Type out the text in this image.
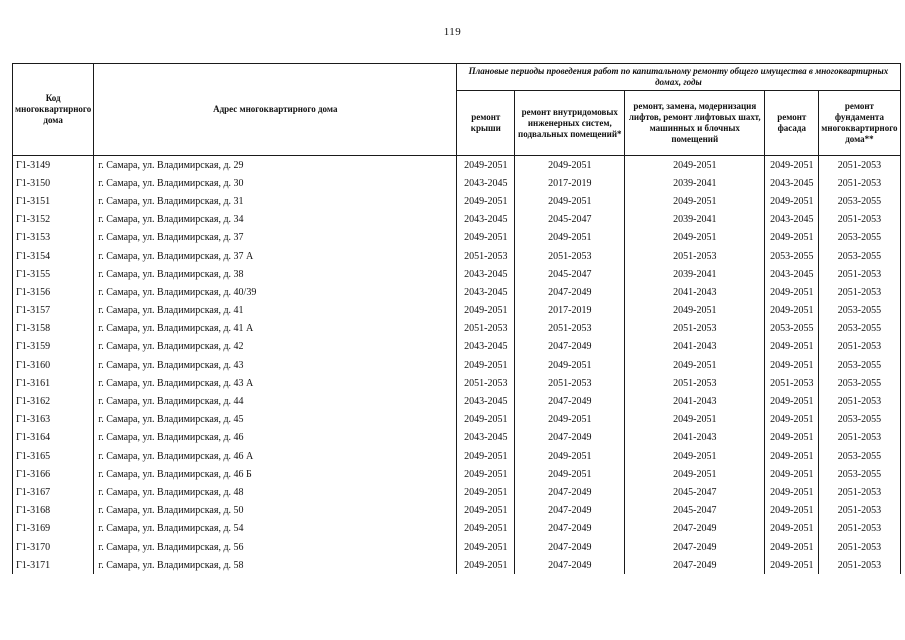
119
Код многоквартирного дома	Адрес многоквартирного дома	Плановые периоды проведения работ по капитальному ремонту общего имущества в многоквартирных домах, годы				
		ремонт крыши	ремонт внутридомовых инженерных систем, подвальных помещений*	ремонт, замена, модернизация лифтов, ремонт лифтовых шахт, машинных и блочных помещений	ремонт фасада	ремонт фундамента многоквартирного дома**
Г1-3149	г. Самара, ул. Владимирская, д. 29	2049-2051	2049-2051	2049-2051	2049-2051	2051-2053
Г1-3150	г. Самара, ул. Владимирская, д. 30	2043-2045	2017-2019	2039-2041	2043-2045	2051-2053
Г1-3151	г. Самара, ул. Владимирская, д. 31	2049-2051	2049-2051	2049-2051	2049-2051	2053-2055
Г1-3152	г. Самара, ул. Владимирская, д. 34	2043-2045	2045-2047	2039-2041	2043-2045	2051-2053
Г1-3153	г. Самара, ул. Владимирская, д. 37	2049-2051	2049-2051	2049-2051	2049-2051	2053-2055
Г1-3154	г. Самара, ул. Владимирская, д. 37 А	2051-2053	2051-2053	2051-2053	2053-2055	2053-2055
Г1-3155	г. Самара, ул. Владимирская, д. 38	2043-2045	2045-2047	2039-2041	2043-2045	2051-2053
Г1-3156	г. Самара, ул. Владимирская, д. 40/39	2043-2045	2047-2049	2041-2043	2049-2051	2051-2053
Г1-3157	г. Самара, ул. Владимирская, д. 41	2049-2051	2017-2019	2049-2051	2049-2051	2053-2055
Г1-3158	г. Самара, ул. Владимирская, д. 41 А	2051-2053	2051-2053	2051-2053	2053-2055	2053-2055
Г1-3159	г. Самара, ул. Владимирская, д. 42	2043-2045	2047-2049	2041-2043	2049-2051	2051-2053
Г1-3160	г. Самара, ул. Владимирская, д. 43	2049-2051	2049-2051	2049-2051	2049-2051	2053-2055
Г1-3161	г. Самара, ул. Владимирская, д. 43 А	2051-2053	2051-2053	2051-2053	2051-2053	2053-2055
Г1-3162	г. Самара, ул. Владимирская, д. 44	2043-2045	2047-2049	2041-2043	2049-2051	2051-2053
Г1-3163	г. Самара, ул. Владимирская, д. 45	2049-2051	2049-2051	2049-2051	2049-2051	2053-2055
Г1-3164	г. Самара, ул. Владимирская, д. 46	2043-2045	2047-2049	2041-2043	2049-2051	2051-2053
Г1-3165	г. Самара, ул. Владимирская, д. 46 А	2049-2051	2049-2051	2049-2051	2049-2051	2053-2055
Г1-3166	г. Самара, ул. Владимирская, д. 46 Б	2049-2051	2049-2051	2049-2051	2049-2051	2053-2055
Г1-3167	г. Самара, ул. Владимирская, д. 48	2049-2051	2047-2049	2045-2047	2049-2051	2051-2053
Г1-3168	г. Самара, ул. Владимирская, д. 50	2049-2051	2047-2049	2045-2047	2049-2051	2051-2053
Г1-3169	г. Самара, ул. Владимирская, д. 54	2049-2051	2047-2049	2047-2049	2049-2051	2051-2053
Г1-3170	г. Самара, ул. Владимирская, д. 56	2049-2051	2047-2049	2047-2049	2049-2051	2051-2053
Г1-3171	г. Самара, ул. Владимирская, д. 58	2049-2051	2047-2049	2047-2049	2049-2051	2051-2053
